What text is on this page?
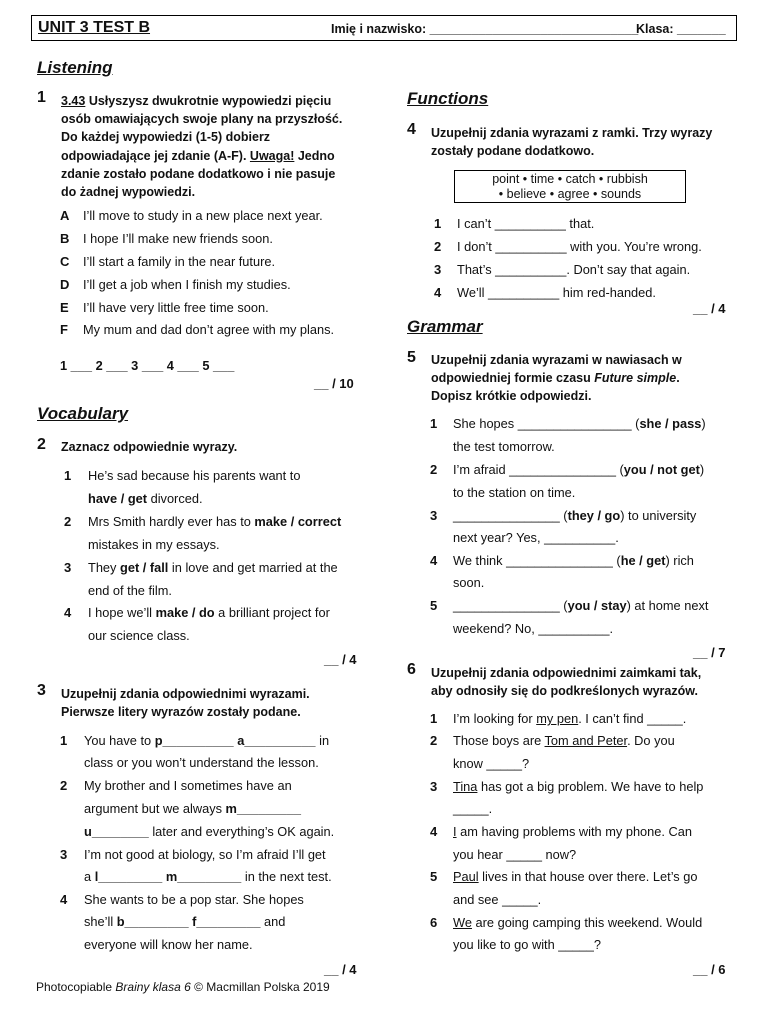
UNIT 3 TEST B	Imię i nazwisko: ______________________________
Klasa: _______
Listening
1 3.43 Usłyszysz dwukrotnie wypowiedzi pięciu
osób omawiających swoje plany na przyszłość.
Do każdej wypowiedzi (1-5) dobierz
odpowiadające jej zdanie (A-F). Uwaga! Jedno
zdanie zostało podane dodatkowo i nie pasuje
do żadnej wypowiedzi.
A I’ll move to study in a new place next year.
B I hope I’ll make new friends soon.
C I’ll start a family in the near future.
D I’ll get a job when I finish my studies.
E I’ll have very little free time soon.
F My mum and dad don’t agree with my plans.
1 ___ 2 ___ 3 ___ 4 ___ 5 ___
__ / 10
Vocabulary
2 Zaznacz odpowiednie wyrazy.
1 He’s sad because his parents want to
have / get divorced.
2 Mrs Smith hardly ever has to make / correct
mistakes in my essays.
3 They get / fall in love and get married at the
end of the film.
4 I hope we’ll make / do a brilliant project for
our science class.
__ / 4
3 Uzupełnij zdania odpowiednimi wyrazami.
Pierwsze litery wyrazów zostały podane.
1 You have to p__________ a__________ in
class or you won’t understand the lesson.
2 My brother and I sometimes have an
argument but we always m_________
u________ later and everything’s OK again.
3 I’m not good at biology, so I’m afraid I’ll get
a l_________ m_________ in the next test.
4 She wants to be a pop star. She hopes
she’ll b_________ f_________ and
everyone will know her name.
__ / 4
Functions
4 Uzupełnij zdania wyrazami z ramki. Trzy wyrazy
zostały podane dodatkowo.
point • time • catch • rubbish
• believe • agree • sounds
1 I can’t __________ that.
2 I don’t __________ with you. You’re wrong.
3 That’s __________. Don’t say that again.
4 We’ll __________ him red-handed.
__ / 4
Grammar
5 Uzupełnij zdania wyrazami w nawiasach w
odpowiedniej formie czasu Future simple.
Dopisz krótkie odpowiedzi.
1 She hopes ________________ (she / pass)
the test tomorrow.
2 I’m afraid _______________ (you / not get)
to the station on time.
3 _______________ (they / go) to university
next year? Yes, __________.
4 We think _______________ (he / get) rich
soon.
5 _______________ (you / stay) at home next
weekend? No, __________.
__ / 7
6 Uzupełnij zdania odpowiednimi zaimkami tak,
aby odnosiły się do podkreślonych wyrazów.
1 I’m looking for my pen. I can’t find _____.
2 Those boys are Tom and Peter. Do you
know _____?
3 Tina has got a big problem. We have to help
_____.
4 I am having problems with my phone. Can
you hear _____ now?
5 Paul lives in that house over there. Let’s go
and see _____.
6 We are going camping this weekend. Would
you like to go with _____?
__ / 6
Photocopiable Brainy klasa 6 © Macmillan Polska 2019
